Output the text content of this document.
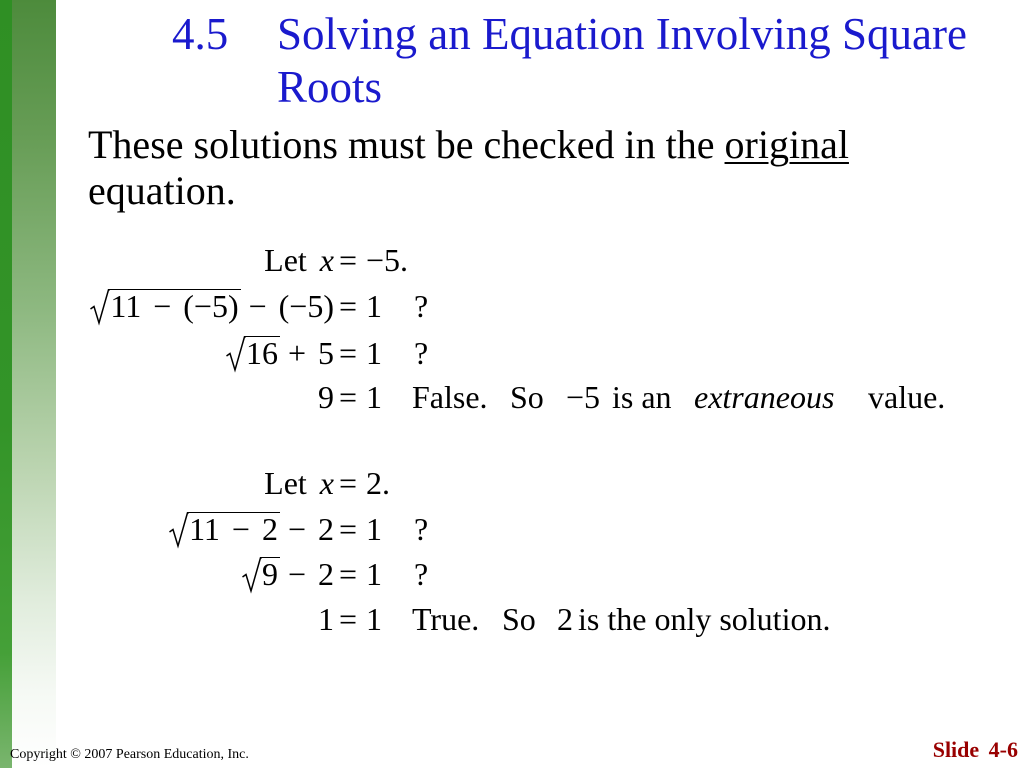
4.5 Solving an Equation Involving Square
Roots
These solutions must be checked in the original
equation.
Let x = −5.
11 − (−5) − (−5) = 1 ?
16 + 5 = 1 ?
9 = 1 False. So −5 is an extraneous value.
Let x = 2.
11 − 2 − 2 = 1 ?
9 − 2 = 1 ?
1 = 1 True. So 2 is the only solution.
Copyright © 2007 Pearson Education, Inc.	Slide 4-6
